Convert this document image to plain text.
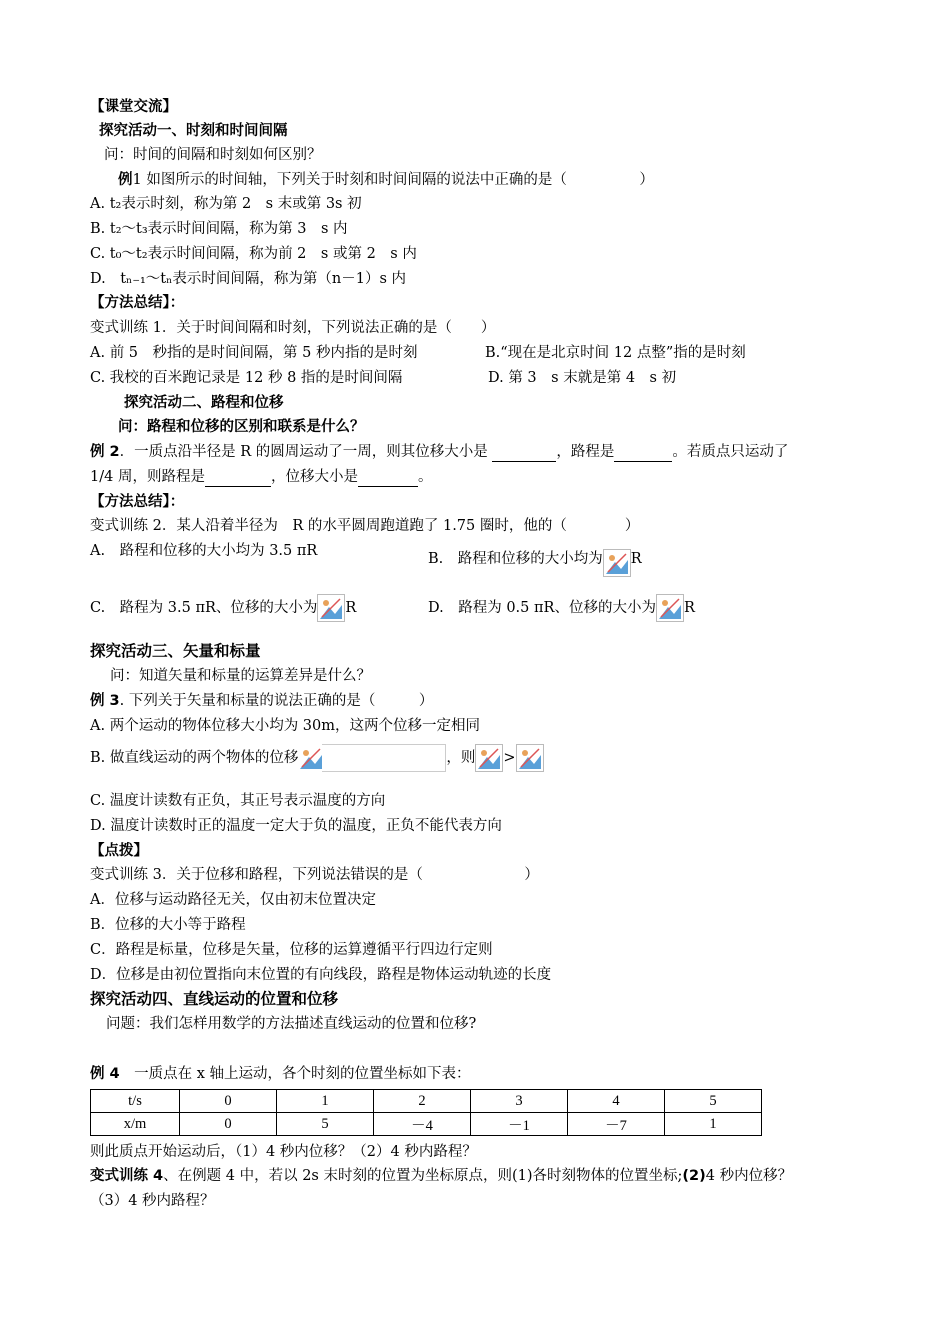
【课堂交流】
探究活动一、时刻和时间间隔
问：时间的间隔和时刻如何区别？
例1 如图所示的时间轴，下列关于时刻和时间间隔的说法中正确的是（　　　　　）
A. t₂表示时刻，称为第 2　s 末或第 3s 初
B. t₂～t₃表示时间间隔，称为第 3　s 内
C. t₀～t₂表示时间间隔，称为前 2　s 或第 2　s 内
D.　tₙ₋₁～tₙ表示时间间隔，称为第（n－1）s 内
【方法总结】：
变式训练 1．关于时间间隔和时刻，下列说法正确的是（　　）
A. 前 5　秒指的是时间间隔，第 5 秒内指的是时刻	B.“现在是北京时间 12 点整”指的是时刻
C. 我校的百米跑记录是 12 秒 8 指的是时间间隔	D. 第 3　s 末就是第 4　s 初
探究活动二、路程和位移
问：路程和位移的区别和联系是什么？
例 2．一质点沿半径是 R 的圆周运动了一周，则其位移大小是	，路程是	。若质点只运动了
1/4 周，则路程是	，位移大小是	。
【方法总结】：
变式训练 2．某人沿着半径为　R 的水平圆周跑道跑了 1.75 圈时，他的（　　　　）
A.　路程和位移的大小均为 3.5 πR	B.　路程和位移的大小均为 R
C.　路程为 3.5 πR、位移的大小为 R	D.　路程为 0.5 πR、位移的大小为 R
探究活动三、矢量和标量
问：知道矢量和标量的运算差异是什么？
例 3. 下列关于矢量和标量的说法正确的是（　　　）
A. 两个运动的物体位移大小均为 30m，这两个位移一定相同
B. 做直线运动的两个物体的位移	，则 >
C. 温度计读数有正负，其正号表示温度的方向
D. 温度计读数时正的温度一定大于负的温度，正负不能代表方向
【点拨】
变式训练 3．关于位移和路程，下列说法错误的是（　　　　　　　）
A．位移与运动路径无关，仅由初末位置决定
B．位移的大小等于路程
C．路程是标量，位移是矢量，位移的运算遵循平行四边行定则
D．位移是由初位置指向末位置的有向线段，路程是物体运动轨迹的长度
探究活动四、直线运动的位置和位移
问题：我们怎样用数学的方法描述直线运动的位置和位移?
例 4　 一质点在 x 轴上运动，各个时刻的位置坐标如下表：
t/s	0	1	2	3	4	5
x/m	0	5	－4	－1	－7	1
则此质点开始运动后，（1）4 秒内位移？（2）4 秒内路程？
变式训练 4、在例题 4 中，若以 2s 末时刻的位置为坐标原点，则(1)各时刻物体的位置坐标;(2)4 秒内位移？
（3）4 秒内路程？
